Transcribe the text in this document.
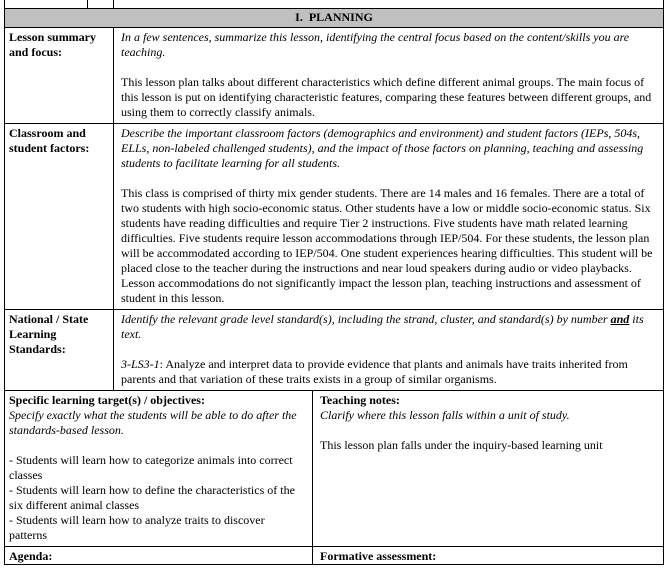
I.  PLANNING
Lesson summary and focus:

In a few sentences, summarize this lesson, identifying the central focus based on the content/skills you are teaching.

This lesson plan talks about different characteristics which define different animal groups. The main focus of this lesson is put on identifying characteristic features, comparing these features between different groups, and using them to correctly classify animals.

Classroom and student factors:

Describe the important classroom factors (demographics and environment) and student factors (IEPs, 504s, ELLs, non-labeled challenged students), and the impact of those factors on planning, teaching and assessing students to facilitate learning for all students.

This class is comprised of thirty mix gender students. There are 14 males and 16 females. There are a total of two students with high socio-economic status. Other students have a low or middle socio-economic status. Six students have reading difficulties and require Tier 2 instructions. Five students have math related learning difficulties. Five students require lesson accommodations through IEP/504. For these students, the lesson plan will be accommodated according to IEP/504. One student experiences hearing difficulties. This student will be placed close to the teacher during the instructions and near loud speakers during audio or video playbacks. Lesson accommodations do not significantly impact the lesson plan, teaching instructions and assessment of student in this lesson.

National / State Learning Standards:

Identify the relevant grade level standard(s), including the strand, cluster, and standard(s) by number and its text.

3-LS3-1: Analyze and interpret data to provide evidence that plants and animals have traits inherited from parents and that variation of these traits exists in a group of similar organisms.

Specific learning target(s) / objectives:

Specify exactly what the students will be able to do after the standards-based lesson.

- Students will learn how to categorize animals into correct classes

- Students will learn how to define the characteristics of the six different animal classes

- Students will learn how to analyze traits to discover patterns

Teaching notes:

Clarify where this lesson falls within a unit of study.

This lesson plan falls under the inquiry-based learning unit

Agenda:	Formative assessment:
